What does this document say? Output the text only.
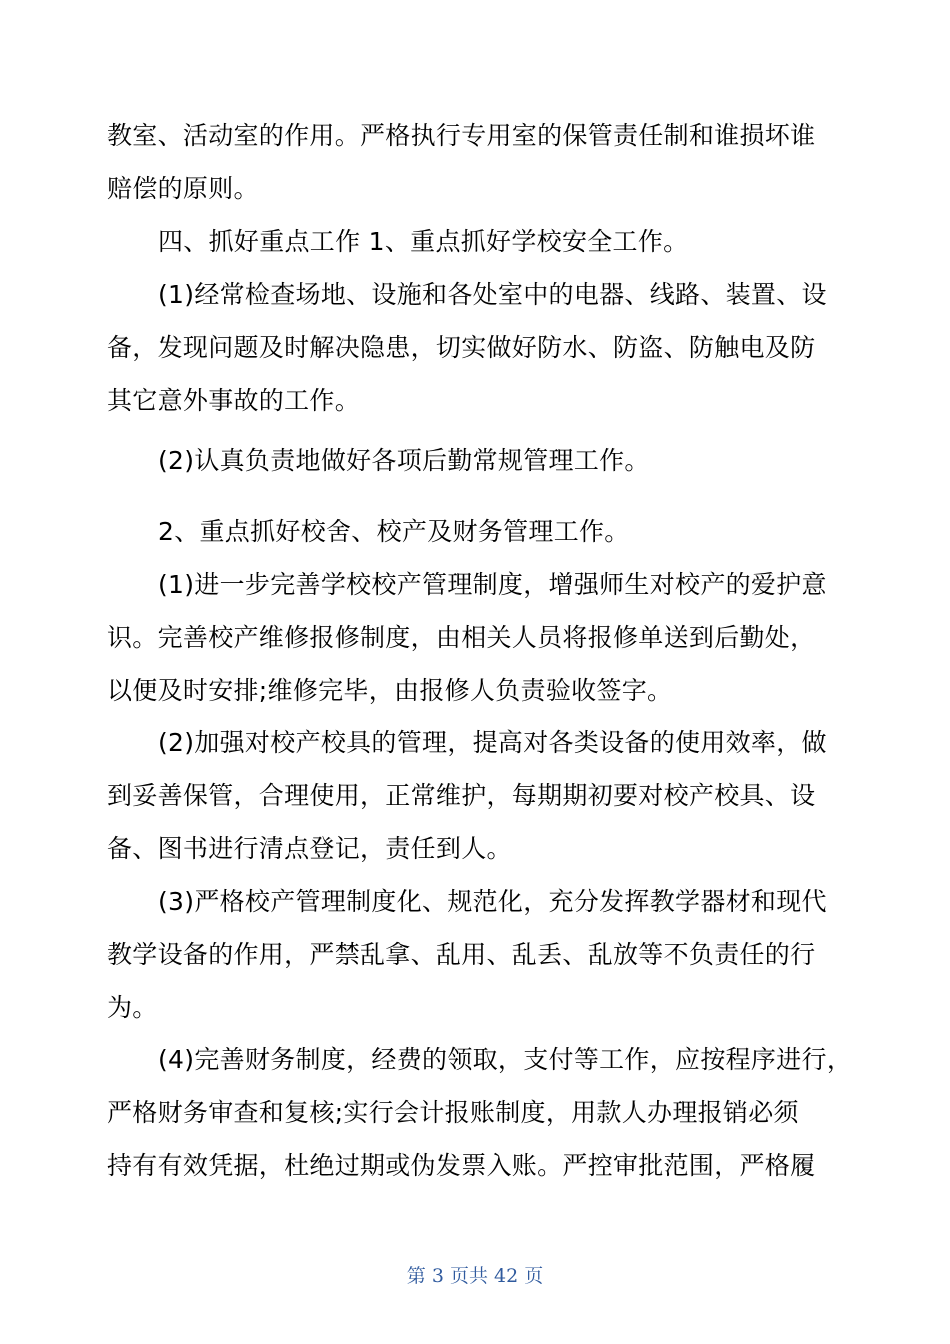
教室、活动室的作用。严格执行专用室的保管责任制和谁损坏谁
赔偿的原则。
四、抓好重点工作 1、重点抓好学校安全工作。
(1)经常检查场地、设施和各处室中的电器、线路、装置、设
备，发现问题及时解决隐患，切实做好防水、防盗、防触电及防
其它意外事故的工作。
(2)认真负责地做好各项后勤常规管理工作。
2、重点抓好校舍、校产及财务管理工作。
(1)进一步完善学校校产管理制度，增强师生对校产的爱护意
识。完善校产维修报修制度，由相关人员将报修单送到后勤处，
以便及时安排;维修完毕，由报修人负责验收签字。
(2)加强对校产校具的管理，提高对各类设备的使用效率，做
到妥善保管，合理使用，正常维护，每期期初要对校产校具、设
备、图书进行清点登记，责任到人。
(3)严格校产管理制度化、规范化，充分发挥教学器材和现代
教学设备的作用，严禁乱拿、乱用、乱丢、乱放等不负责任的行
为。
(4)完善财务制度，经费的领取，支付等工作，应按程序进行，
严格财务审查和复核;实行会计报账制度，用款人办理报销必须
持有有效凭据，杜绝过期或伪发票入账。严控审批范围，严格履
第 3 页共 42 页
